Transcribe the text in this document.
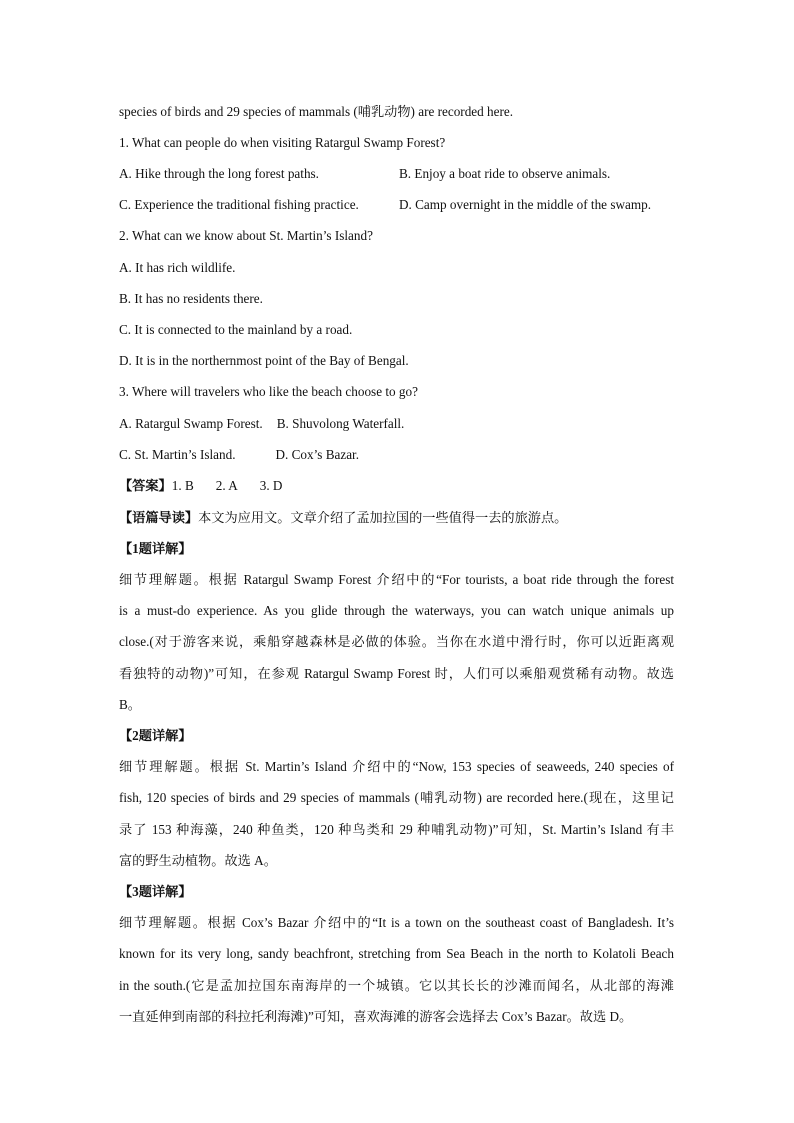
species of birds and 29 species of mammals (哺乳动物) are recorded here.
1. What can people do when visiting Ratargul Swamp Forest?
A. Hike through the long forest paths.	B. Enjoy a boat ride to observe animals.
C. Experience the traditional fishing practice.	D. Camp overnight in the middle of the swamp.
2. What can we know about St. Martin’s Island?
A. It has rich wildlife.
B. It has no residents there.
C. It is connected to the mainland by a road.
D. It is in the northernmost point of the Bay of Bengal.
3. Where will travelers who like the beach choose to go?
A. Ratargul Swamp Forest. B. Shuvolong Waterfall.
C. St. Martin’s Island.	D. Cox’s Bazar.
【答案】1. B 2. A 3. D
【语篇导读】本文为应用文。文章介绍了孟加拉国的一些值得一去的旅游点。
【1题详解】
细节理解题。根据 Ratargul Swamp Forest 介绍中的“For tourists, a boat ride through the forest
is a must-do experience. As you glide through the waterways, you can watch unique animals up
close.(对于游客来说，乘船穿越森林是必做的体验。当你在水道中滑行时，你可以近距离观
看独特的动物)”可知，在参观 Ratargul Swamp Forest 时，人们可以乘船观赏稀有动物。故选
B。
【2题详解】
细节理解题。根据 St. Martin’s Island 介绍中的“Now, 153 species of seaweeds, 240 species of
fish, 120 species of birds and 29 species of mammals (哺乳动物) are recorded here.(现在，这里记
录了 153 种海藻，240 种鱼类，120 种鸟类和 29 种哺乳动物)”可知，St. Martin’s Island 有丰
富的野生动植物。故选 A。
【3题详解】
细节理解题。根据 Cox’s Bazar 介绍中的“It is a town on the southeast coast of Bangladesh. It’s
known for its very long, sandy beachfront, stretching from Sea Beach in the north to Kolatoli Beach
in the south.(它是孟加拉国东南海岸的一个城镇。它以其长长的沙滩而闻名，从北部的海滩
一直延伸到南部的科拉托利海滩)”可知，喜欢海滩的游客会选择去 Cox’s Bazar。故选 D。
